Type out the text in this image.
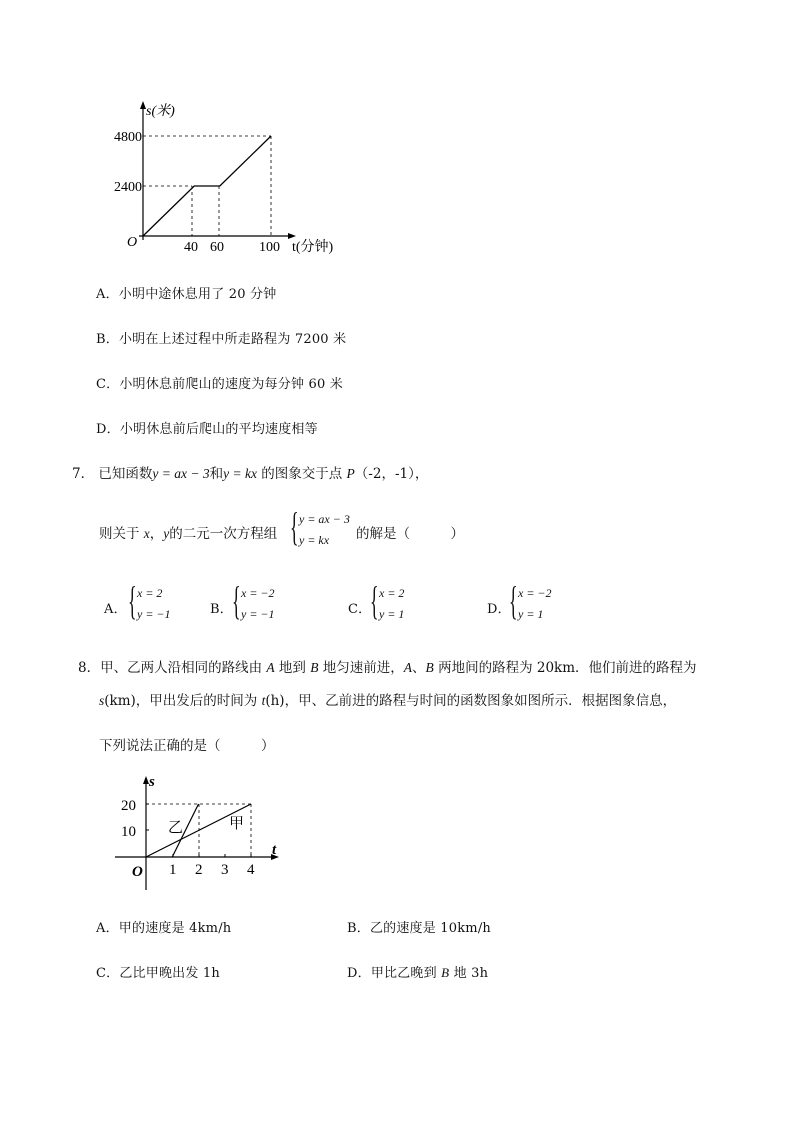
s(米)
t(分钟)
O
4800
2400
40 60	100
A．小明中途休息用了 20 分钟
B．小明在上述过程中所走路程为 7200 米
C．小明休息前爬山的速度为每分钟 60 米
D．小明休息前后爬山的平均速度相等
7． 已知函数y = ax − 3和y = kx 的图象交于点 P（-2，-1），
则关于 x，y的二元一次方程组 { y = ax − 3
y = kx	的解是（　　　）
A． { x = 2
y = −1	B． { x = −2
y = −1	C．
{ x = 2
y = 1	D．
{ x = −2
y = 1
8．甲、乙两人沿相同的路线由 A 地到 B 地匀速前进，A、B 两地间的路程为 20km．他们前进的路程为
s(km)，甲出发后的时间为 t(h)，甲、乙前进的路程与时间的函数图象如图所示．根据图象信息，
下列说法正确的是（　　　）
s
t
O
20
10
1 2 3 4
乙	甲
A．甲的速度是 4km/h	B．乙的速度是 10km/h
C．乙比甲晚出发 1h	D．甲比乙晚到 B 地 3h
